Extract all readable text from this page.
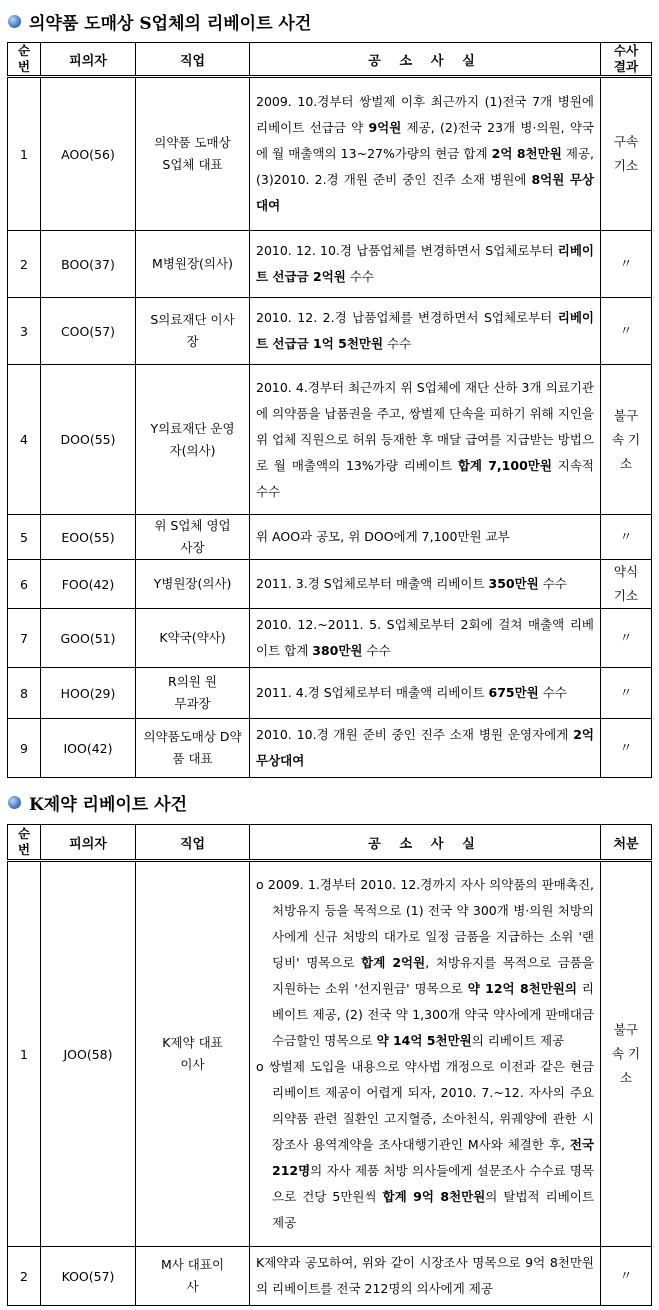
의약품 도매상 S업체의 리베이트 사건
순번	피의자	직업	공 소 사 실	수사결과
1	AOO(56)	의약품 도매상 S업체 대표	2009. 10.경부터 쌍벌제 이후 최근까지 (1)전국 7개 병원에 리베이트 선급금 약 9억원 제공, (2)전국 23개 병·의원, 약국에 월 매출액의 13~27%가량의 현금 합계 2억 8천만원 제공, (3)2010. 2.경 개원 준비 중인 진주 소재 병원에 8억원 무상 대여	구속 기소
2	BOO(37)	M병원장(의사)	2010. 12. 10.경 납품업체를 변경하면서 S업체로부터 리베이트 선급금 2억원 수수	〃
3	COO(57)	S의료재단 이사장	2010. 12. 2.경 납품업체를 변경하면서 S업체로부터 리베이트 선급금 1억 5천만원 수수	〃
4	DOO(55)	Y의료재단 운영자(의사)	2010. 4.경부터 최근까지 위 S업체에 재단 산하 3개 의료기관에 의약품을 납품권을 주고, 쌍벌제 단속을 피하기 위해 지인을 위 업체 직원으로 허위 등재한 후 매달 급여를 지급받는 방법으로 월 매출액의 13%가량 리베이트 합계 7,100만원 지속적 수수	불구속 기소
5	EOO(55)	위 S업체 영업사장	위 AOO과 공모, 위 DOO에게 7,100만원 교부	〃
6	FOO(42)	Y병원장(의사)	2011. 3.경 S업체로부터 매출액 리베이트 350만원 수수	약식 기소
7	GOO(51)	K약국(약사)	2010. 12.~2011. 5. S업체로부터 2회에 걸쳐 매출액 리베이트 합계 380만원 수수	〃
8	HOO(29)	R의원 원무과장	2011. 4.경 S업체로부터 매출액 리베이트 675만원 수수	〃
9	IOO(42)	의약품도매상 D약품 대표	2010. 10.경 개원 준비 중인 진주 소재 병원 운영자에게 2억 무상대여	〃
K제약 리베이트 사건
순번	피의자	직업	공 소 사 실	처분
1	JOO(58)	K제약 대표이사	o 2009. 1.경부터 2010. 12.경까지 자사 의약품의 판매촉진, 처방유지 등을 목적으로 (1) 전국 약 300개 병·의원 처방의사에게 신규 처방의 대가로 일정 금품을 지급하는 소위 '랜딩비' 명목으로 합계 2억원, 처방유지를 목적으로 금품을 지원하는 소위 '선지원금' 명목으로 약 12억 8천만원의 리베이트 제공, (2) 전국 약 1,300개 약국 약사에게 판매대금 수금할인 명목으로 약 14억 5천만원의 리베이트 제공

o 쌍벌제 도입을 내용으로 약사법 개정으로 이전과 같은 현금 리베이트 제공이 어렵게 되자, 2010. 7.~12. 자사의 주요 의약품 관련 질환인 고지혈증, 소아천식, 위궤양에 관한 시장조사 용역계약을 조사대행기관인 M사와 체결한 후, 전국 212명의 자사 제품 처방 의사들에게 설문조사 수수료 명목으로 건당 5만원씩 합계 9억 8천만원의 탈법적 리베이트 제공	불구속 기소
2	KOO(57)	M사 대표이사	K제약과 공모하여, 위와 같이 시장조사 명목으로 9억 8천만원의 리베이트를 전국 212명의 의사에게 제공	〃
